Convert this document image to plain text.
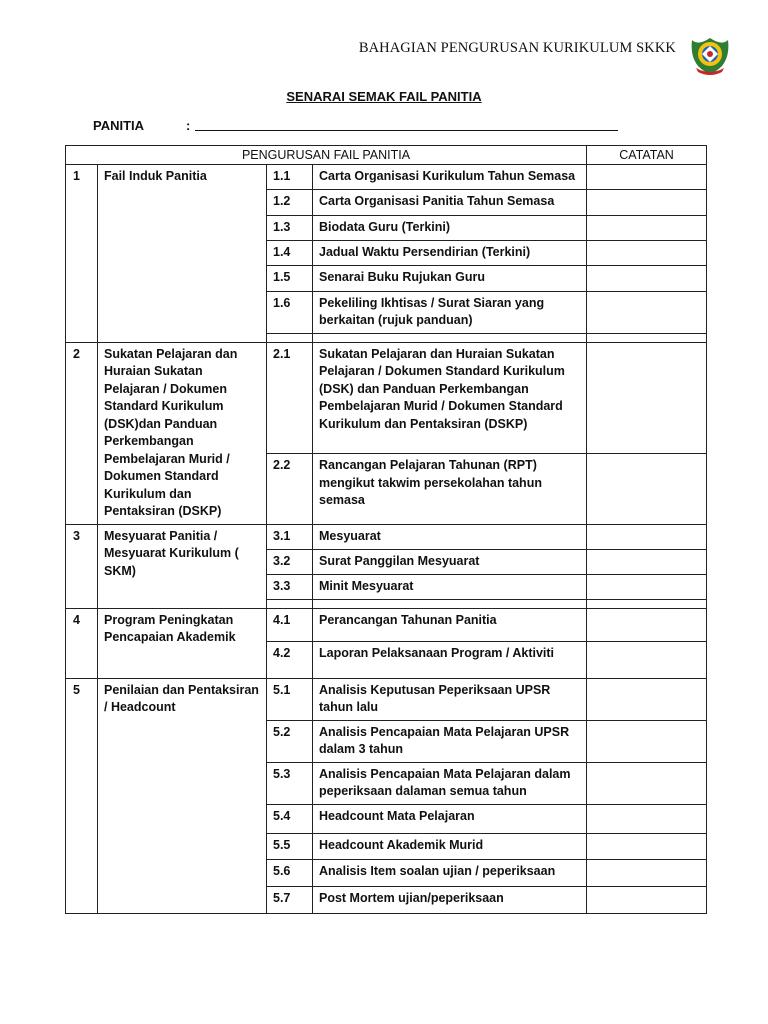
BAHAGIAN PENGURUSAN KURIKULUM SKKK
SENARAI SEMAK FAIL PANITIA
PANITIA	:
PENGURUSAN FAIL PANITIA				CATATAN
1	Fail Induk Panitia	1.1	Carta Organisasi Kurikulum Tahun Semasa	
		1.2	Carta Organisasi Panitia Tahun Semasa	
		1.3	Biodata Guru (Terkini)	
		1.4	Jadual Waktu Persendirian (Terkini)	
		1.5	Senarai Buku Rujukan Guru	
		1.6	Pekeliling Ikhtisas / Surat Siaran yang berkaitan (rujuk panduan)	

2	Sukatan Pelajaran dan Huraian Sukatan Pelajaran / Dokumen Standard Kurikulum (DSK)dan Panduan Perkembangan Pembelajaran Murid / Dokumen Standard Kurikulum dan Pentaksiran (DSKP)	2.1	Sukatan Pelajaran dan Huraian Sukatan Pelajaran / Dokumen Standard Kurikulum (DSK) dan Panduan Perkembangan Pembelajaran Murid / Dokumen Standard Kurikulum dan Pentaksiran (DSKP)	
		2.2	Rancangan Pelajaran Tahunan (RPT) mengikut takwim persekolahan tahun semasa	
3	Mesyuarat Panitia / Mesyuarat Kurikulum ( SKM)	3.1	Mesyuarat	
		3.2	Surat Panggilan Mesyuarat	
		3.3	Minit Mesyuarat	

4	Program Peningkatan Pencapaian Akademik	4.1	Perancangan Tahunan Panitia	
		4.2	Laporan Pelaksanaan Program / Aktiviti	
5	Penilaian dan Pentaksiran / Headcount	5.1	Analisis Keputusan Peperiksaan UPSR tahun lalu	
		5.2	Analisis Pencapaian Mata Pelajaran UPSR dalam 3 tahun	
		5.3	Analisis Pencapaian Mata Pelajaran dalam peperiksaan dalaman semua tahun	
		5.4	Headcount Mata Pelajaran	
		5.5	Headcount Akademik Murid	
		5.6	Analisis Item soalan ujian / peperiksaan	
		5.7	Post Mortem ujian/peperiksaan	
